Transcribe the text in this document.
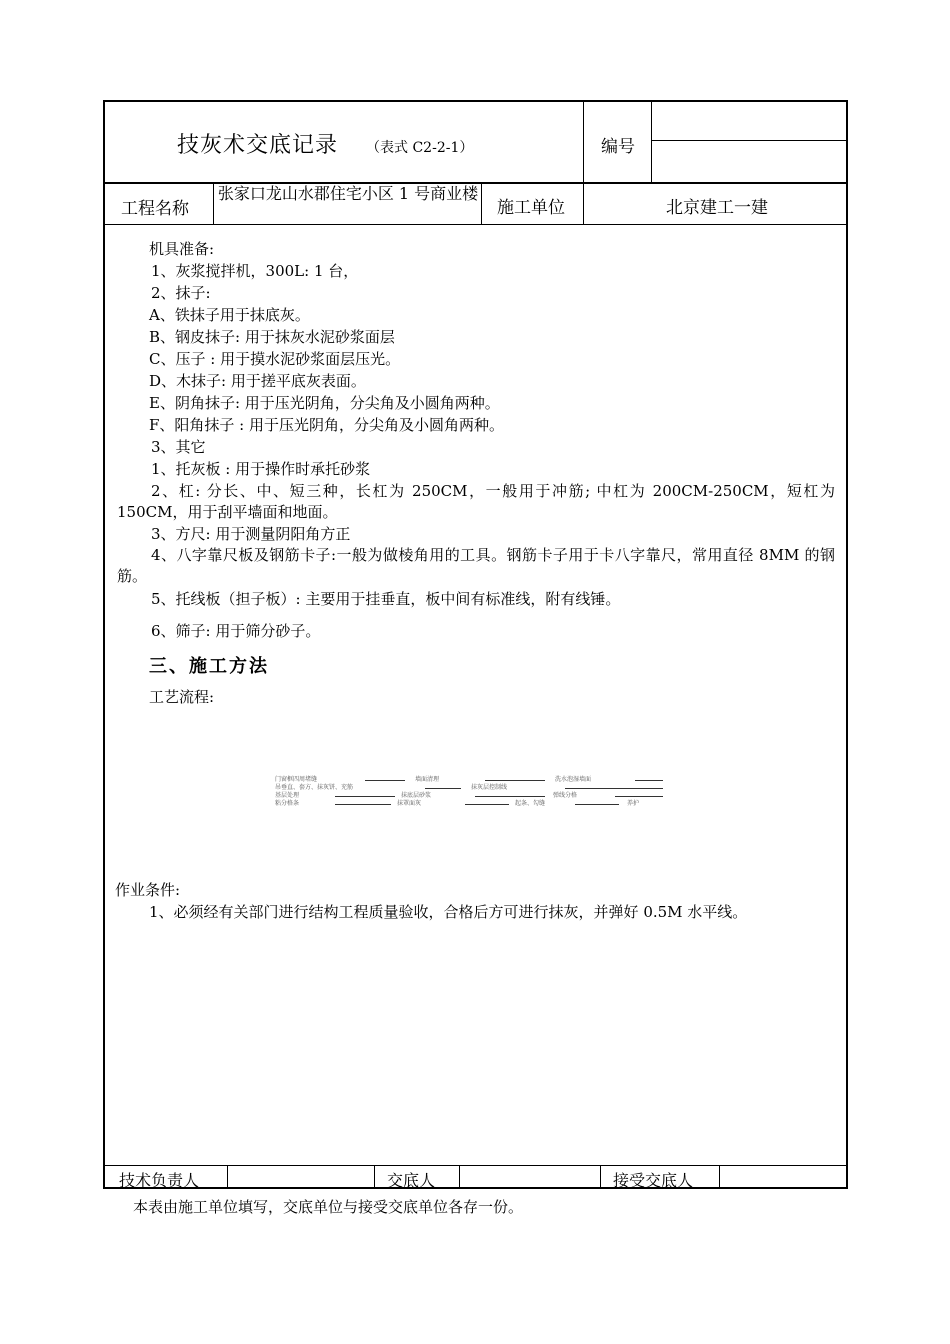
技灰术交底记录 （表式 C2-2-1）	编号
工程名称
张家口龙山水郡住宅小区 1 号商业楼
施工单位	北京建工一建
机具准备:
1、灰浆搅拌机，300L: 1 台，
2、抹子:
A、铁抹子用于抹底灰。
B、钢皮抹子: 用于抹灰水泥砂浆面层
C、压子 : 用于摸水泥砂浆面层压光。
D、木抹子: 用于搓平底灰表面。
E、阴角抹子: 用于压光阴角，分尖角及小圆角两种。
F、阳角抹子 : 用于压光阴角，分尖角及小圆角两种。
3、其它
1、托灰板 : 用于操作时承托砂浆
2、杠: 分长、中、短三种，长杠为 250CM，一般用于冲筋; 中杠为 200CM-250CM，短杠为 150CM，用于刮平墙面和地面。
3、方尺: 用于测量阴阳角方正
4、八字靠尺板及钢筋卡子:一般为做棱角用的工具。钢筋卡子用于卡八字靠尺，常用直径 8MM 的钢筋。
5、托线板（担子板）: 主要用于挂垂直，板中间有标准线，附有线锤。
6、筛子: 用于筛分砂子。
三、施工方法
工艺流程:
门窗框四周堵缝	墙面清理	洗水泡湿墙面
吊垂直、套方、抹灰饼、充筋	抹灰层控制线
基层处理	抹底层砂浆	弹线分格
粘分格条	抹罩面灰	起条、勾缝	养护
作业条件:
1、必须经有关部门进行结构工程质量验收，合格后方可进行抹灰，并弹好 0.5M 水平线。
技术负责人	交底人	接受交底人
本表由施工单位填写，交底单位与接受交底单位各存一份。
